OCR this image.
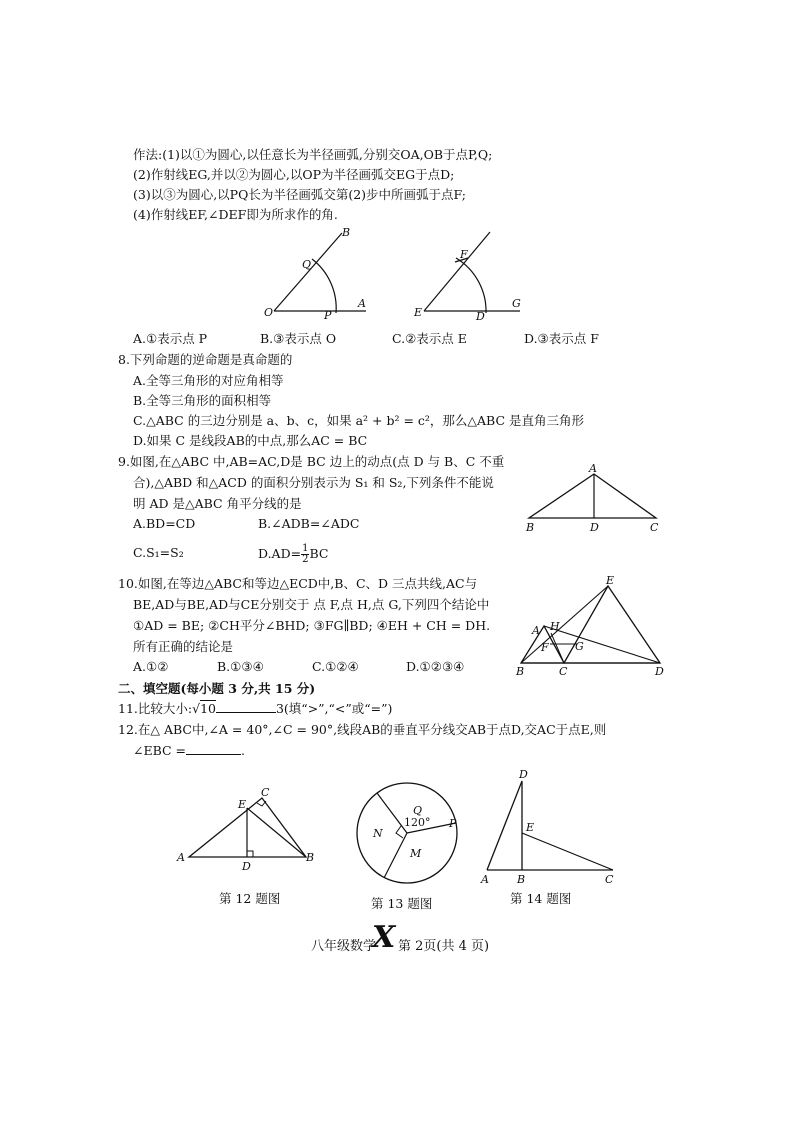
作法:(1)以①为圆心,以任意长为半径画弧,分别交OA,OB于点P,Q;
(2)作射线EG,并以②为圆心,以OP为半径画弧交EG于点D;
(3)以③为圆心,以PQ长为半径画弧交第(2)步中所画弧于点F;
(4)作射线EF,∠DEF即为所求作的角.
B
Q
O	P
A
F
E	D
G
A.①表示点 P	B.③表示点 O	C.②表示点 E	D.③表示点 F
8.下列命题的逆命题是真命题的
A.全等三角形的对应角相等
B.全等三角形的面积相等
C.△ABC 的三边分别是 a、b、c，如果 a² + b² = c²，那么△ABC 是直角三角形
D.如果 C 是线段AB的中点,那么AC = BC
9.如图,在△ABC 中,AB=AC,D是 BC 边上的动点(点 D 与 B、C 不重
合),△ABD 和△ACD 的面积分别表示为 S₁ 和 S₂,下列条件不能说
明 AD 是△ABC 角平分线的是
A.BD=CD	B.∠ADB=∠ADC
C.S₁=S₂	$D.AD= \frac{1}{2}$ BC
A
B	D	C
10.如图,在等边△ABC和等边△ECD中,B、C、D 三点共线,AC与
BE,AD与BE,AD与CE分别交于 点 F,点 H,点 G,下列四个结论中
①AD = BE; ②CH平分∠BHD; ③FG∥BD; ④EH + CH = DH.
所有正确的结论是
A.①②	B.①③④	C.①②④	D.①②③④
E
A H
F G
B	C	D
二、填空题(每小题 3 分,共 15 分)
11.比较大小:√10	3(填“>”,“<”或“=”)
12.在△ ABC中,∠A = 40°,∠C = 90°,线段AB的垂直平分线交AB于点D,交AC于点E,则
∠EBC =	.
E
C
A
D
B
第 12 题图
Q
120° P
N
M
第 13 题图
D
E
A	B	C
第 14 题图
八年级数学
X 第 2页(共 4 页)
